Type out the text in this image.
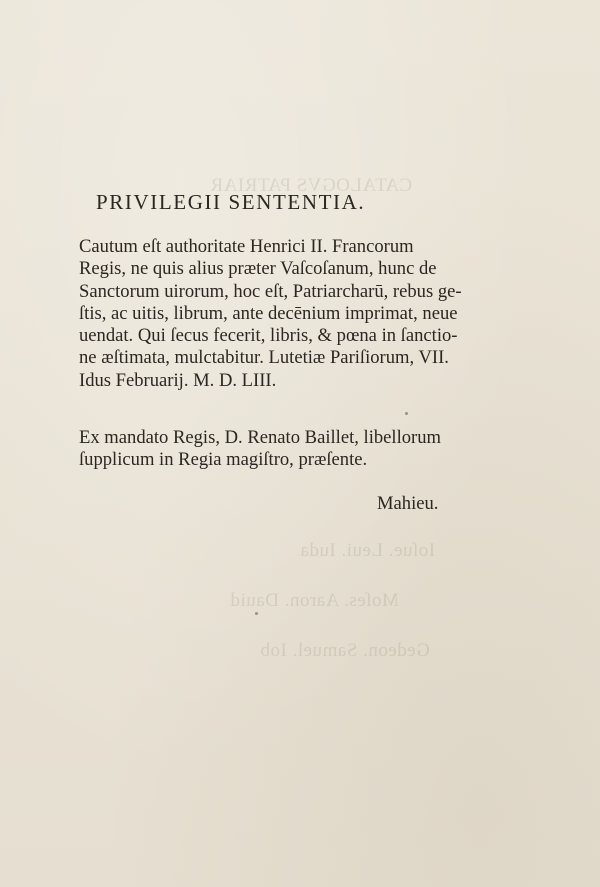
CATALOGVS PATRIAR
Ioſue. Leui. Iuda
Moſes. Aaron. Dauid
Gedeon. Samuel. Iob
PRIVILEGII SENTENTIA.
Cautum eſt authoritate Henrici II. Francorum
Regis, ne quis alius præter Vaſcoſanum, hunc de
Sanctorum uirorum, hoc eſt, Patriarcharū, rebus ge-
ſtis, ac uitis, librum, ante decēnium imprimat, neue
uendat. Qui ſecus fecerit, libris, & pœna in ſanctio-
ne æſtimata, mulctabitur. Lutetiæ Pariſiorum, VII.
Idus Februarij. M. D. LIII.
Ex mandato Regis, D. Renato Baillet, libellorum
ſupplicum in Regia magiſtro, præſente.
Mahieu.
